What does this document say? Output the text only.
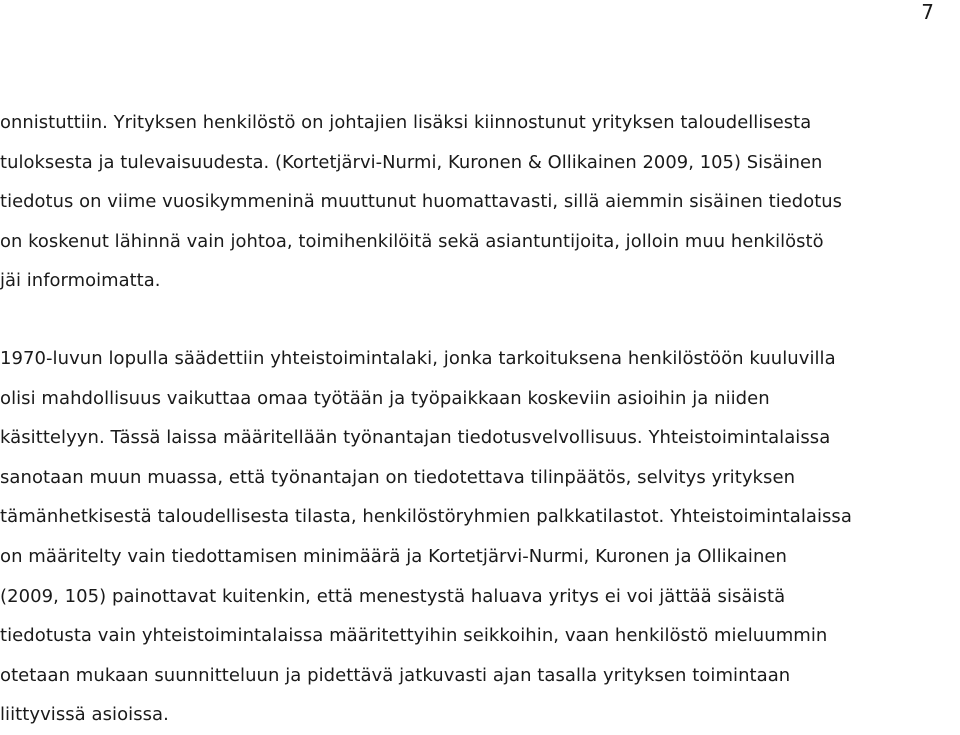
7
onnistuttiin. Yrityksen henkilöstö on johtajien lisäksi kiinnostunut yrityksen taloudellisesta
tuloksesta ja tulevaisuudesta. (Kortetjärvi-Nurmi, Kuronen & Ollikainen 2009, 105) Sisäinen
tiedotus on viime vuosikymmeninä muuttunut huomattavasti, sillä aiemmin sisäinen tiedotus
on koskenut lähinnä vain johtoa, toimihenkilöitä sekä asiantuntijoita, jolloin muu henkilöstö
jäi informoimatta.
1970-luvun lopulla säädettiin yhteistoimintalaki, jonka tarkoituksena henkilöstöön kuuluvilla
olisi mahdollisuus vaikuttaa omaa työtään ja työpaikkaan koskeviin asioihin ja niiden
käsittelyyn. Tässä laissa määritellään työnantajan tiedotusvelvollisuus. Yhteistoimintalaissa
sanotaan muun muassa, että työnantajan on tiedotettava tilinpäätös, selvitys yrityksen
tämänhetkisestä taloudellisesta tilasta, henkilöstöryhmien palkkatilastot. Yhteistoimintalaissa
on määritelty vain tiedottamisen minimäärä ja Kortetjärvi-Nurmi, Kuronen ja Ollikainen
(2009, 105) painottavat kuitenkin, että menestystä haluava yritys ei voi jättää sisäistä
tiedotusta vain yhteistoimintalaissa määritettyihin seikkoihin, vaan henkilöstö mieluummin
otetaan mukaan suunnitteluun ja pidettävä jatkuvasti ajan tasalla yrityksen toimintaan
liittyvissä asioissa.
